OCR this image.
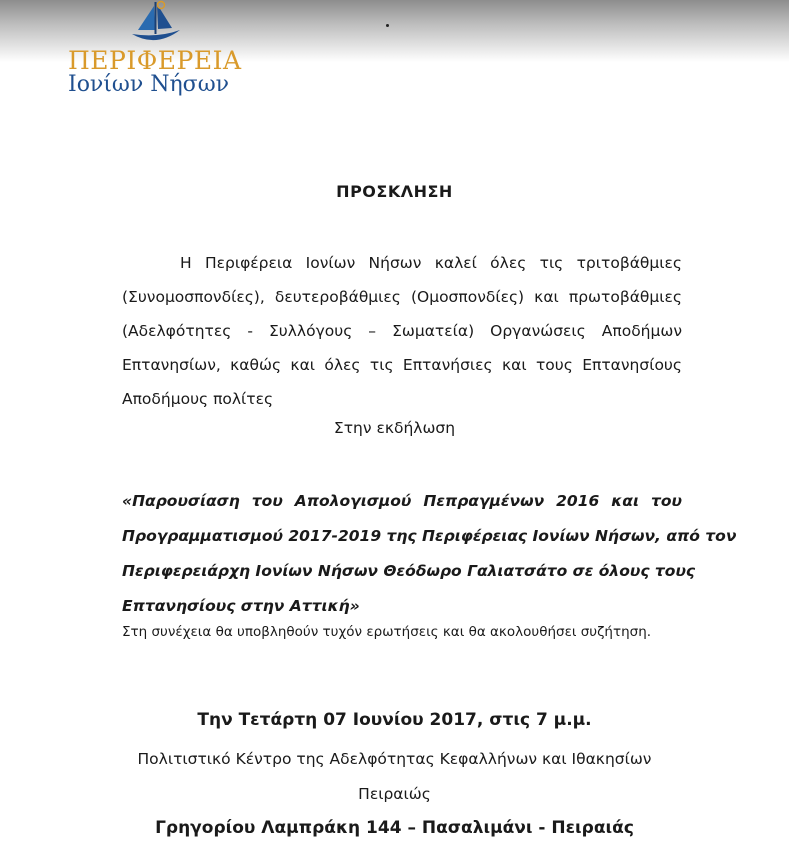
ΠΕΡΙΦΕΡΕΙΑ
Ιονίων Νήσων
ΠΡΟΣΚΛΗΣΗ
Η Περιφέρεια Ιονίων Νήσων καλεί όλες τις τριτοβάθμιες
(Συνομοσπονδίες), δευτεροβάθμιες (Ομοσπονδίες) και πρωτοβάθμιες
(Αδελφότητες - Συλλόγους – Σωματεία) Οργανώσεις Αποδήμων
Επτανησίων, καθώς και όλες τις Επτανήσιες και τους Επτανησίους
Αποδήμους πολίτες
Στην εκδήλωση
«Παρουσίαση του Απολογισμού Πεπραγμένων 2016 και του
Προγραμματισμού 2017-2019 της Περιφέρειας Ιονίων Νήσων, από τον
Περιφερειάρχη Ιονίων Νήσων Θεόδωρο Γαλιατσάτο σε όλους τους
Επτανησίους στην Αττική»
Στη συνέχεια θα υποβληθούν τυχόν ερωτήσεις και θα ακολουθήσει συζήτηση.
Την Τετάρτη 07 Ιουνίου 2017, στις 7 μ.μ.
Πολιτιστικό Κέντρο της Αδελφότητας Κεφαλλήνων και Ιθακησίων
Πειραιώς
Γρηγορίου Λαμπράκη 144 – Πασαλιμάνι - Πειραιάς
